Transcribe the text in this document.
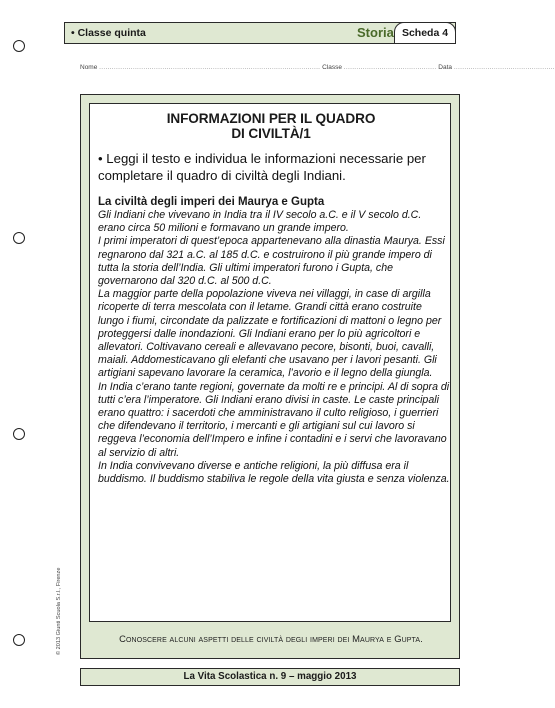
• Classe quinta	Storia Scheda 4
Nome ......................................................................................................... Classe ............................................ Data ................................................
INFORMAZIONI PER IL QUADRO
DI CIVILTÀ/1
• Leggi il testo e individua le informazioni necessarie per completare il quadro di civiltà degli Indiani.
La civiltà degli imperi dei Maurya e Gupta

Gli Indiani che vivevano in India tra il IV secolo a.C. e il V secolo d.C. erano circa 50 milioni e formavano un grande impero.

I primi imperatori di quest’epoca appartenevano alla dinastia Maurya. Essi regnarono dal 321 a.C. al 185 d.C. e costruirono il più grande impero di tutta la storia dell’India. Gli ultimi imperatori furono i Gupta, che governarono dal 320 d.C. al 500 d.C.

La maggior parte della popolazione viveva nei villaggi, in case di argilla ricoperte di terra mescolata con il letame. Grandi città erano costruite lungo i fiumi, circondate da palizzate e fortificazioni di mattoni o legno per proteggersi dalle inondazioni. Gli Indiani erano per lo più agricoltori e allevatori. Coltivavano cereali e allevavano pecore, bisonti, buoi, cavalli, maiali. Addomesticavano gli elefanti che usavano per i lavori pesanti. Gli artigiani sapevano lavorare la ceramica, l’avorio e il legno della giungla.

In India c’erano tante regioni, governate da molti re e principi. Al di sopra di tutti c’era l’imperatore. Gli Indiani erano divisi in caste. Le caste principali erano quattro: i sacerdoti che amministravano il culto religioso, i guerrieri che difendevano il territorio, i mercanti e gli artigiani sul cui lavoro si reggeva l’economia dell’Impero e infine i contadini e i servi che lavoravano al servizio di altri.

In India convivevano diverse e antiche religioni, la più diffusa era il buddismo. Il buddismo stabiliva le regole della vita giusta e senza violenza.

Conoscere alcuni aspetti delle civiltà degli imperi dei Maurya e Gupta.
© 2013 Giunti Scuola S.r.l., Firenze
La Vita Scolastica n. 9 – maggio 2013
